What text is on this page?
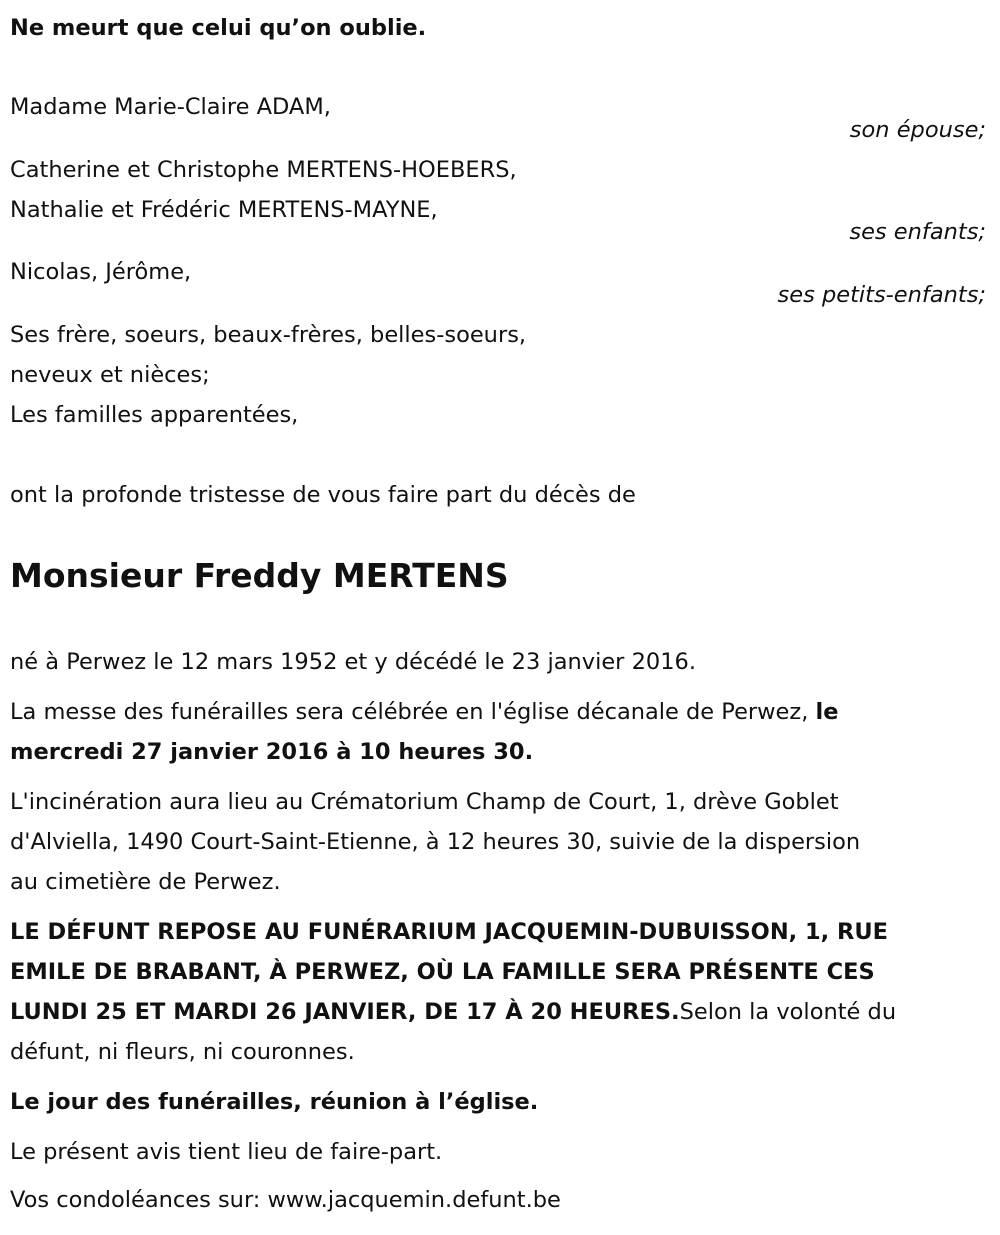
Ne meurt que celui qu’on oublie.
Madame Marie-Claire ADAM,
son épouse;
Catherine et Christophe MERTENS-HOEBERS,
Nathalie et Frédéric MERTENS-MAYNE,
ses enfants;
Nicolas, Jérôme,
ses petits-enfants;
Ses frère, soeurs, beaux-frères, belles-soeurs,
neveux et nièces;
Les familles apparentées,
ont la profonde tristesse de vous faire part du décès de
Monsieur Freddy MERTENS
né à Perwez le 12 mars 1952 et y décédé le 23 janvier 2016.
La messe des funérailles sera célébrée en l'église décanale de Perwez, le
mercredi 27 janvier 2016 à 10 heures 30.
L'incinération aura lieu au Crématorium Champ de Court, 1, drève Goblet
d'Alviella, 1490 Court-Saint-Etienne, à 12 heures 30, suivie de la dispersion
au cimetière de Perwez.
LE DÉFUNT REPOSE AU FUNÉRARIUM JACQUEMIN-DUBUISSON, 1, RUE
EMILE DE BRABANT, À PERWEZ, OÙ LA FAMILLE SERA PRÉSENTE CES
LUNDI 25 ET MARDI 26 JANVIER, DE 17 À 20 HEURES.Selon la volonté du
défunt, ni fleurs, ni couronnes.
Le jour des funérailles, réunion à l’église.
Le présent avis tient lieu de faire-part.
Vos condoléances sur: www.jacquemin.defunt.be
